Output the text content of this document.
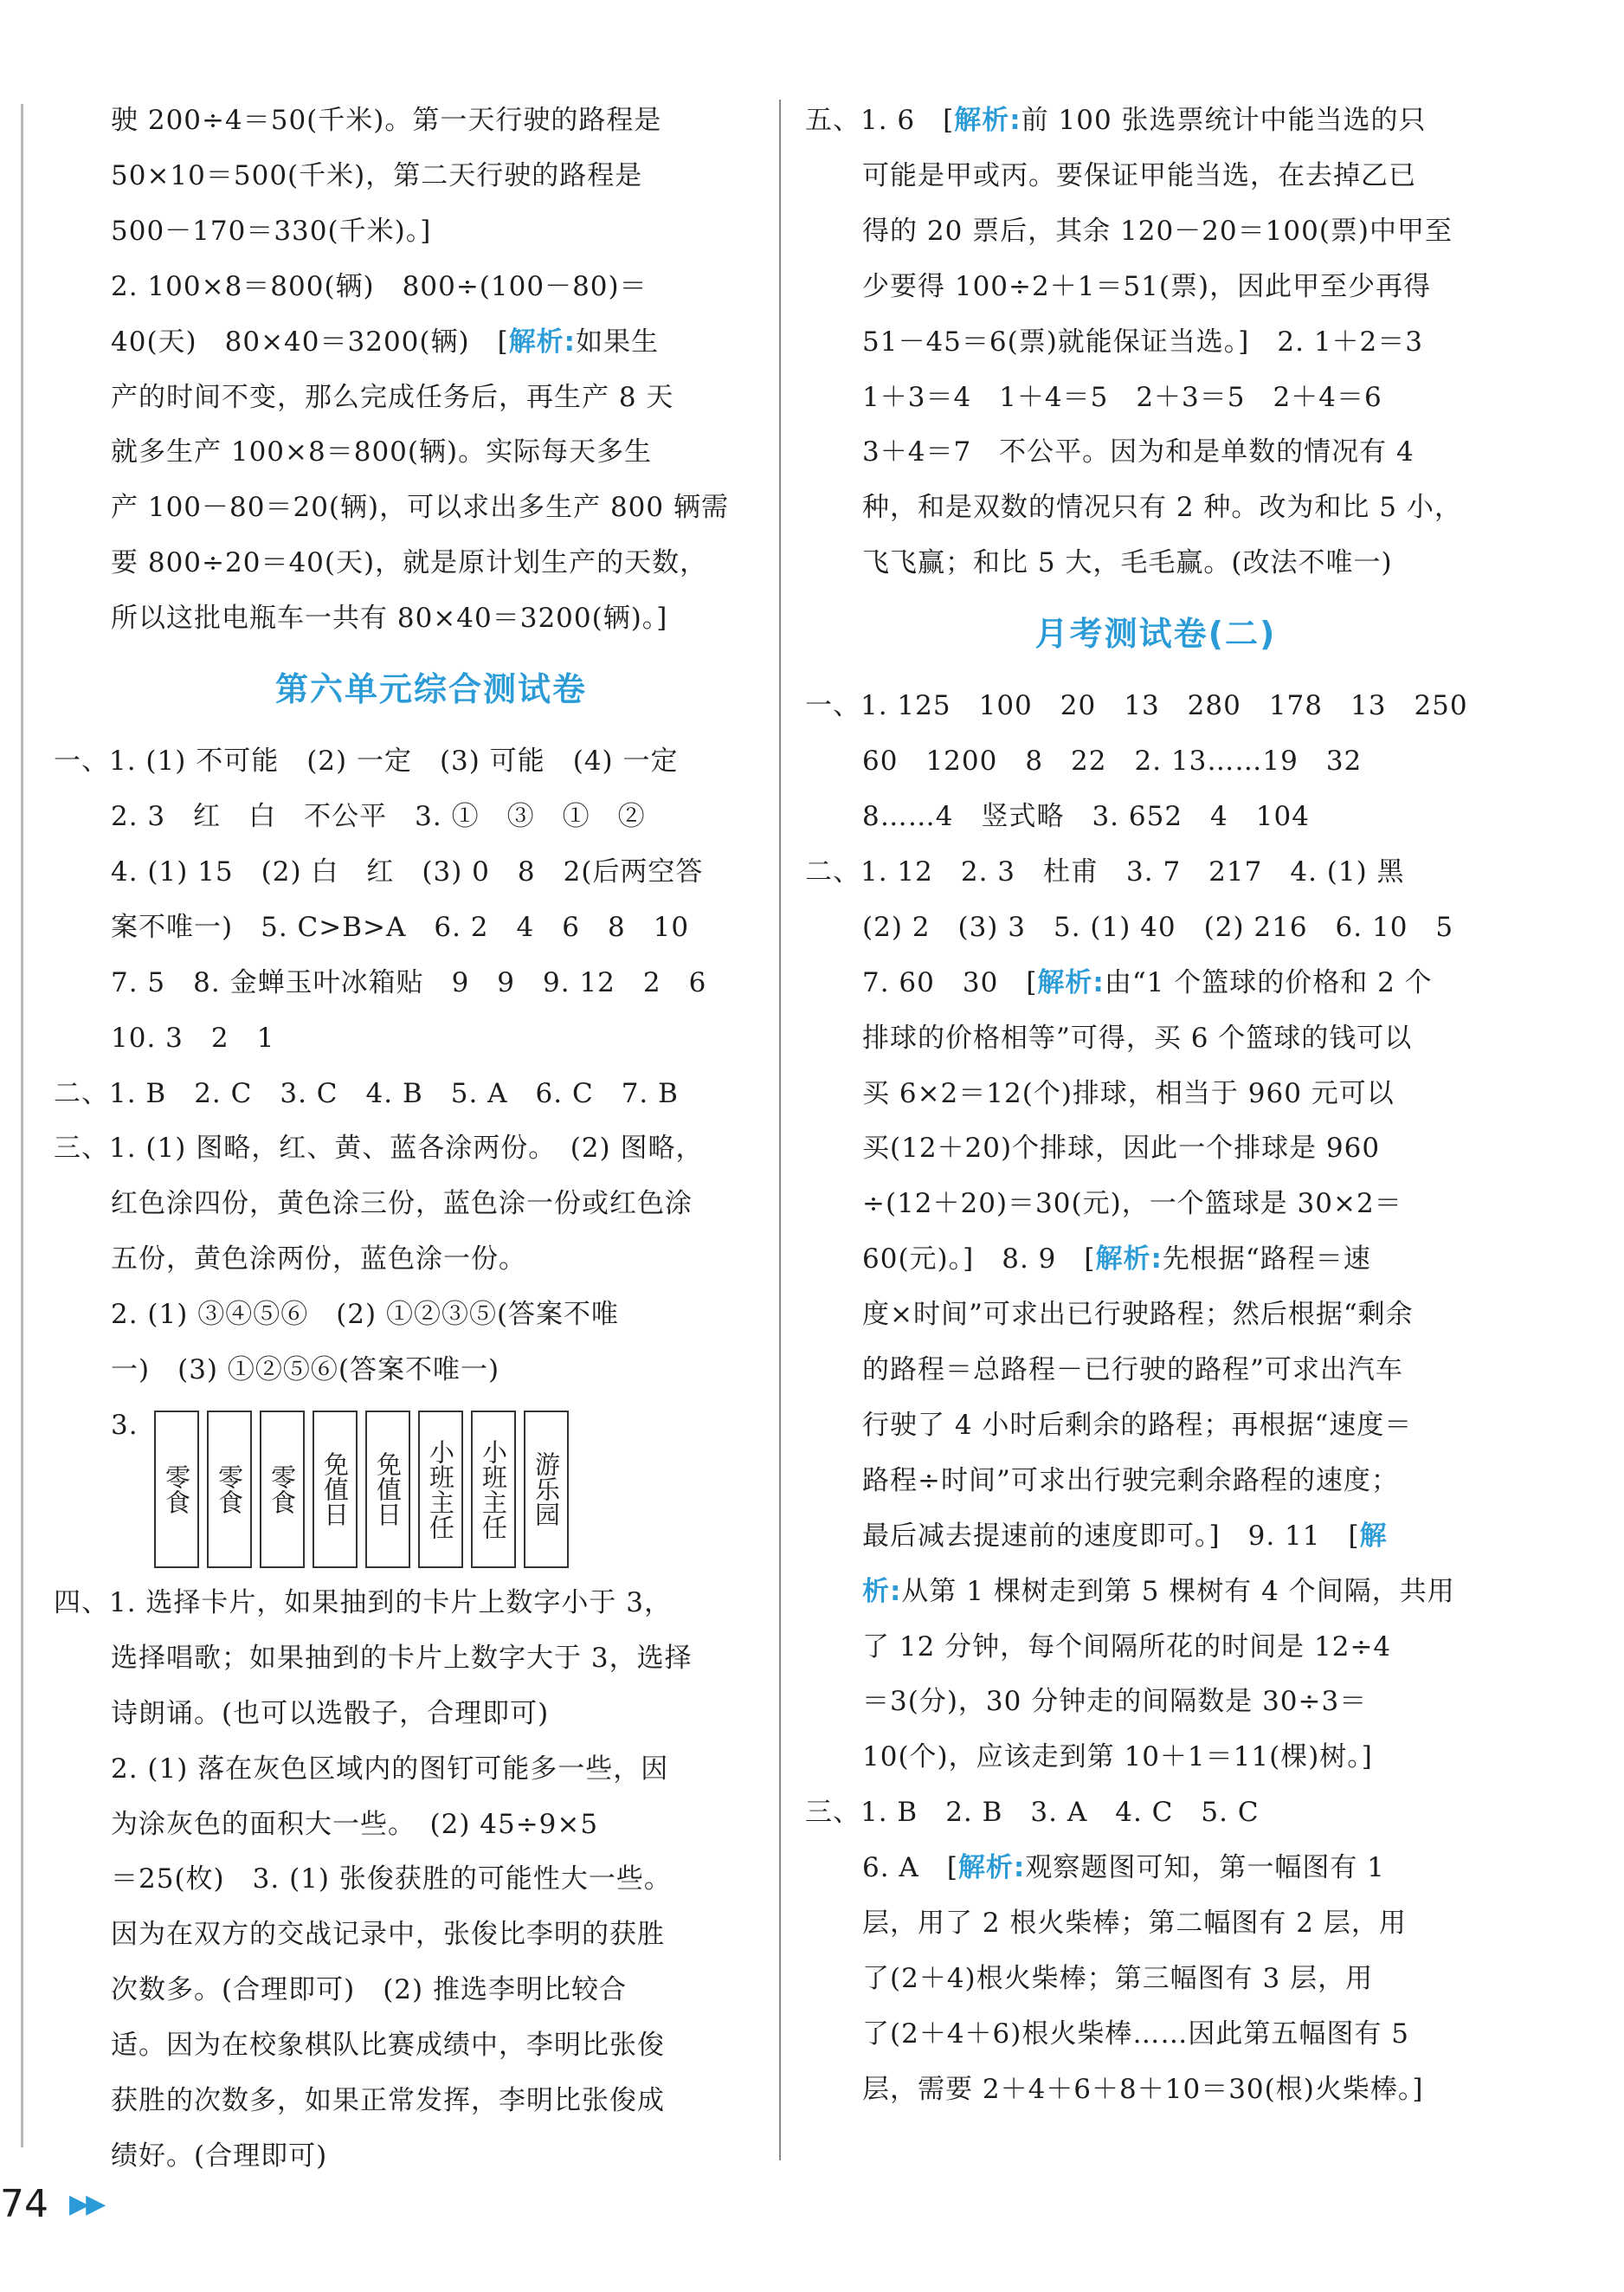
驶 200÷4＝50(千米)。第一天行驶的路程是
50×10＝500(千米)，第二天行驶的路程是
500－170＝330(千米)。]
2. 100×8＝800(辆)　800÷(100－80)＝
40(天)　80×40＝3200(辆)　[解析:如果生
产的时间不变，那么完成任务后，再生产 8 天
就多生产 100×8＝800(辆)。实际每天多生
产 100－80＝20(辆)，可以求出多生产 800 辆需
要 800÷20＝40(天)，就是原计划生产的天数，
所以这批电瓶车一共有 80×40＝3200(辆)。]
第六单元综合测试卷
一、1. (1) 不可能　(2) 一定　(3) 可能　(4) 一定
2. 3　红　白　不公平　3. ①　③　①　②
4. (1) 15　(2) 白　红　(3) 0　8　2(后两空答
案不唯一)　5. C>B>A　6. 2　4　6　8　10
7. 5　8. 金蝉玉叶冰箱贴　9　9　9. 12　2　6
10. 3　2　1
二、1. B　2. C　3. C　4. B　5. A　6. C　7. B
三、1. (1) 图略，红、黄、蓝各涂两份。　(2) 图略，
红色涂四份，黄色涂三份，蓝色涂一份或红色涂
五份，黄色涂两份，蓝色涂一份。
2. (1) ③④⑤⑥　(2) ①②③⑤(答案不唯
一)　(3) ①②⑤⑥(答案不唯一)
3.
零食 零食 零食 免值日 免值日 小班主任 小班主任 游乐园
四、1. 选择卡片，如果抽到的卡片上数字小于 3，
选择唱歌；如果抽到的卡片上数字大于 3，选择
诗朗诵。(也可以选骰子，合理即可)
2. (1) 落在灰色区域内的图钉可能多一些，因
为涂灰色的面积大一些。　(2) 45÷9×5
＝25(枚)　3. (1) 张俊获胜的可能性大一些。
因为在双方的交战记录中，张俊比李明的获胜
次数多。(合理即可)　(2) 推选李明比较合
适。因为在校象棋队比赛成绩中，李明比张俊
获胜的次数多，如果正常发挥，李明比张俊成
绩好。(合理即可)
五、1. 6　[解析:前 100 张选票统计中能当选的只
可能是甲或丙。要保证甲能当选，在去掉乙已
得的 20 票后，其余 120－20＝100(票)中甲至
少要得 100÷2＋1＝51(票)，因此甲至少再得
51－45＝6(票)就能保证当选。]　2. 1＋2＝3
1＋3＝4　1＋4＝5　2＋3＝5　2＋4＝6
3＋4＝7　不公平。因为和是单数的情况有 4
种，和是双数的情况只有 2 种。改为和比 5 小，
飞飞赢；和比 5 大，毛毛赢。(改法不唯一)
月考测试卷(二)
一、1. 125　100　20　13　280　178　13　250
60　1200　8　22　2. 13……19　32
8……4　竖式略　3. 652　4　104
二、1. 12　2. 3　杜甫　3. 7　217　4. (1) 黑
(2) 2　(3) 3　5. (1) 40　(2) 216　6. 10　5
7. 60　30　[解析:由“1 个篮球的价格和 2 个
排球的价格相等”可得，买 6 个篮球的钱可以
买 6×2＝12(个)排球，相当于 960 元可以
买(12＋20)个排球，因此一个排球是 960
÷(12＋20)＝30(元)，一个篮球是 30×2＝
60(元)。]　8. 9　[解析:先根据“路程＝速
度×时间”可求出已行驶路程；然后根据“剩余
的路程＝总路程－已行驶的路程”可求出汽车
行驶了 4 小时后剩余的路程；再根据“速度＝
路程÷时间”可求出行驶完剩余路程的速度；
最后减去提速前的速度即可。]　9. 11　[解
析:从第 1 棵树走到第 5 棵树有 4 个间隔，共用
了 12 分钟，每个间隔所花的时间是 12÷4
＝3(分)，30 分钟走的间隔数是 30÷3＝
10(个)，应该走到第 10＋1＝11(棵)树。]
三、1. B　2. B　3. A　4. C　5. C
6. A　[解析:观察题图可知，第一幅图有 1
层，用了 2 根火柴棒；第二幅图有 2 层，用
了(2＋4)根火柴棒；第三幅图有 3 层，用
了(2＋4＋6)根火柴棒……因此第五幅图有 5
层，需要 2＋4＋6＋8＋10＝30(根)火柴棒。]
74 ▶▶
